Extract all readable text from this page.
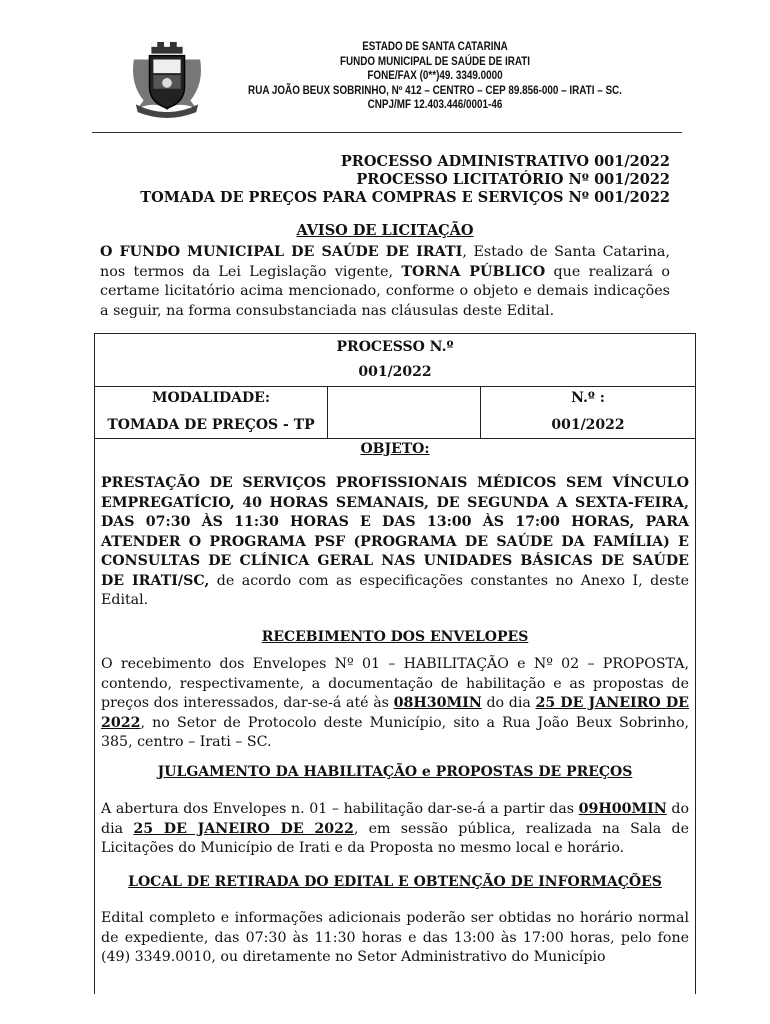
ESTADO DE SANTA CATARINA
FUNDO MUNICIPAL DE SAÚDE DE IRATI
FONE/FAX (0**)49. 3349.0000
RUA JOÃO BEUX SOBRINHO, Nº 412 – CENTRO – CEP 89.856-000 – IRATI – SC.
CNPJ/MF 12.403.446/0001-46
PROCESSO ADMINISTRATIVO 001/2022
PROCESSO LICITATÓRIO Nº 001/2022
TOMADA DE PREÇOS PARA COMPRAS E SERVIÇOS Nº 001/2022
AVISO DE LICITAÇÃO
O FUNDO MUNICIPAL DE SAÚDE DE IRATI, Estado de Santa Catarina, nos termos da Lei Legislação vigente, TORNA PÚBLICO que realizará o certame licitatório acima mencionado, conforme o objeto e demais indicações a seguir, na forma consubstanciada nas cláusulas deste Edital.
PROCESSO N.º
001/2022
MODALIDADE:
TOMADA DE PREÇOS - TP
N.º :
001/2022
OBJETO:
PRESTAÇÃO DE SERVIÇOS PROFISSIONAIS MÉDICOS SEM VÍNCULO EMPREGATÍCIO, 40 HORAS SEMANAIS, DE SEGUNDA A SEXTA-FEIRA, DAS 07:30 ÀS 11:30 HORAS E DAS 13:00 ÀS 17:00 HORAS, PARA ATENDER O PROGRAMA PSF (PROGRAMA DE SAÚDE DA FAMÍLIA) E CONSULTAS DE CLÍNICA GERAL NAS UNIDADES BÁSICAS DE SAÚDE DE IRATI/SC, de acordo com as especificações constantes no Anexo I, deste Edital.
RECEBIMENTO DOS ENVELOPES
O recebimento dos Envelopes Nº 01 – HABILITAÇÃO e Nº 02 – PROPOSTA, contendo, respectivamente, a documentação de habilitação e as propostas de preços dos interessados, dar-se-á até às 08H30MIN do dia 25 DE JANEIRO DE 2022, no Setor de Protocolo deste Município, sito a Rua João Beux Sobrinho, 385, centro – Irati – SC.
JULGAMENTO DA HABILITAÇÃO e PROPOSTAS DE PREÇOS
A abertura dos Envelopes n. 01 – habilitação dar-se-á a partir das 09H00MIN do dia 25 DE JANEIRO DE 2022, em sessão pública, realizada na Sala de Licitações do Município de Irati e da Proposta no mesmo local e horário.
LOCAL DE RETIRADA DO EDITAL E OBTENÇÃO DE INFORMAÇÕES
Edital completo e informações adicionais poderão ser obtidas no horário normal de expediente, das 07:30 às 11:30 horas e das 13:00 às 17:00 horas, pelo fone (49) 3349.0010, ou diretamente no Setor Administrativo do Município
